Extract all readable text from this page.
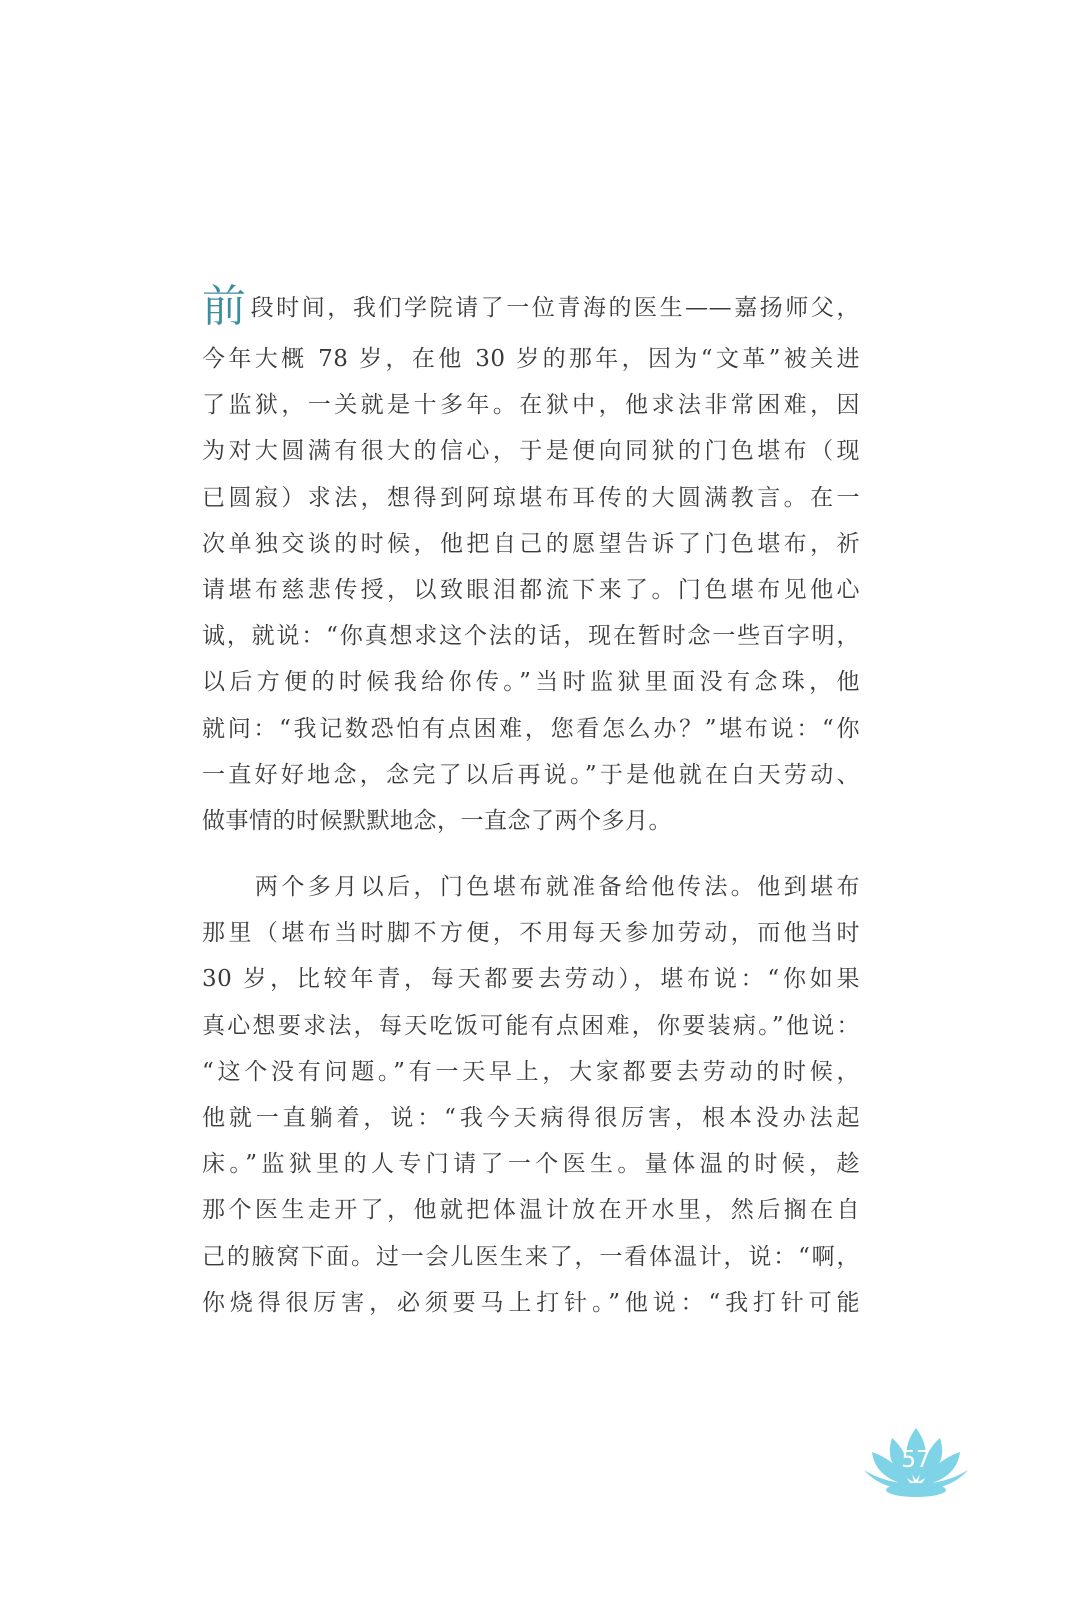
前段时间，我们学院请了一位青海的医生——嘉扬师父，
今年大概 78 岁，在他 30 岁的那年，因为“文革”被关进
了监狱，一关就是十多年。在狱中，他求法非常困难，因
为对大圆满有很大的信心，于是便向同狱的门色堪布（现
已圆寂）求法，想得到阿琼堪布耳传的大圆满教言。在一
次单独交谈的时候，他把自己的愿望告诉了门色堪布，祈
请堪布慈悲传授，以致眼泪都流下来了。门色堪布见他心
诚，就说：“你真想求这个法的话，现在暂时念一些百字明，
以后方便的时候我给你传。”当时监狱里面没有念珠，他
就问：“我记数恐怕有点困难，您看怎么办？”堪布说：“你
一直好好地念，念完了以后再说。”于是他就在白天劳动、
做事情的时候默默地念，一直念了两个多月。
　　两个多月以后，门色堪布就准备给他传法。他到堪布
那里（堪布当时脚不方便，不用每天参加劳动，而他当时
30 岁，比较年青，每天都要去劳动），堪布说：“你如果
真心想要求法，每天吃饭可能有点困难，你要装病。”他说：
“这个没有问题。”有一天早上，大家都要去劳动的时候，
他就一直躺着，说：“我今天病得很厉害，根本没办法起
床。”监狱里的人专门请了一个医生。量体温的时候，趁
那个医生走开了，他就把体温计放在开水里，然后搁在自
己的腋窝下面。过一会儿医生来了，一看体温计，说：“啊，
你烧得很厉害，必须要马上打针。”他说：“我打针可能
57
